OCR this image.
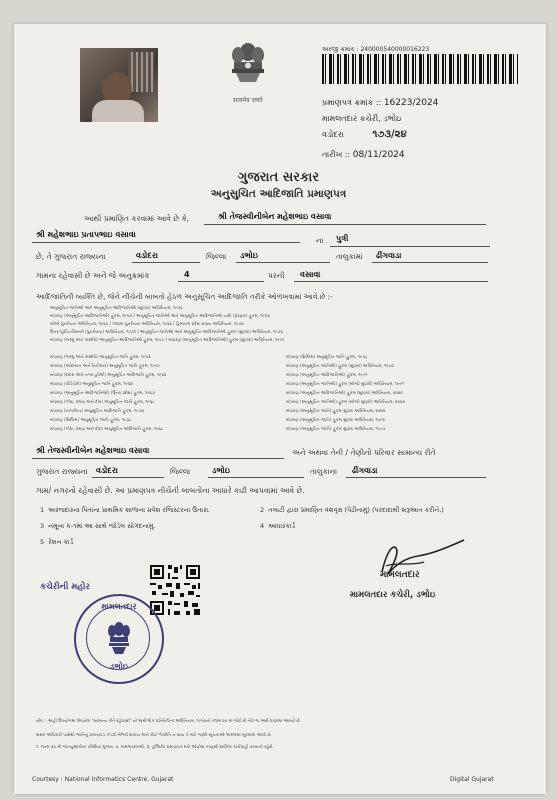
सत्यमेव जयते
અરજી ક્રમાંક : 240000540000016223
પ્રમાણપત્ર ક્રમાંક :: 16223/2024
મામલતદાર કચેરી, ડભોઇ
વડોદરા	૧૭૩/૨૪
તારીખ :: 08/11/2024
ગુજરાત સરકાર
અનુસુચિત આદિજાતિ પ્રમાણપત્ર
આથી પ્રમાણિત કરવામાં આવે છે કે,	શ્રી તેજસ્વીનીબેન મહેશભાઇ વસાવા
શ્રી મહેશભાઇ પ્રતાપભાઇ વસાવા
ના પુત્રી
છે, તે ગુજરાત રાજ્યના	વડોદરા	જિલ્લા ડભોઇ	તાલુકામાં ઢીંગવાડા
ગામના રહેવાસી છે અને જે અનુક્રમાંક	4	પરની વસાવા
આદિજાતિની વ્યક્તિ છે, જેને નીચેની બાબતો હેઠળ અનુસૂચિત આદિજાતિ તરીકે ઓળખવામાં આવે છે :-
અનુસૂચિત જાતિઓ અને અનુસૂચિત આદિજાતિઓ (સુધારા) અધિનિયમ, ૧૯૫૬
બંધારણ (અનુસૂચિત આદિજાતિઓ) હુકમ, ૧૯૫૦ / અનુસૂચિત જાતિઓ અને અનુસૂચિત આદિજાતિઓ યાદી (ફેરફાર) હુકમ, ૧૯૫૬
બોમ્બે પુનર્રચના અધિનિયમ, ૧૯૬૦ / પંજાબ પુનર્રચના અધિનિયમ, ૧૯૬૬ / હિમાચલ પ્રદેશ રાજ્ય અધિનિયમ, ૧૯૭૦
ઉત્તર-પૂર્વીય વિસ્તારો (પુનર્રચના) અધિનિયમ, ૧૯૭૧ / અનુસૂચિત જાતિઓ અને અનુસૂચિત આદિજાતિઓ હુકમ (સુધારા) અધિનિયમ, ૧૯૭૬
બંધારણ (જમ્મુ અને કાશ્મીર) અનુસૂચિત આદિજાતિઓ હુકમ, ૧૯૮૯ / બંધારણ (અનુસૂચિત આદિજાતિઓ) હુકમ (સુધારા) અધિનિયમ, ૧૯૯૧
બંધારણ (જમ્મુ અને કાશ્મીર) અનુસૂચિત જાતિ હુકમ, ૧૯૫૬
બંધારણ (આંદામાન અને નિકોબાર) અનુસૂચિત જાતિ હુકમ, ૧૯૫૯
બંધારણ (દાદરા અને નગર હવેલી) અનુસૂચિત આદિજાતિ હુકમ, ૧૯૬૨
બંધારણ (પોંડિચેરી) અનુસૂચિત જાતિ હુકમ, ૧૯૬૪
બંધારણ (અનુસૂચિત આદિજાતિઓ) (ઉત્તર પ્રદેશ) હુકમ, ૧૯૬૭
બંધારણ (ગોવા, દમણ અને દીવ) અનુસૂચિત જાતિ હુકમ, ૧૯૬૮
બંધારણ (નાગાલેન્ડ) અનુસૂચિત આદિજાતિ હુકમ, ૧૯૭૦
બંધારણ (સિક્કિમ) અનુસૂચિત જાતિ હુકમ, ૧૯૭૮
બંધારણ (ગોવા, દમણ અને દીવ) અનુસૂચિત આદિજાતિ હુકમ, ૧૯૬૮
બંધારણ (સિક્કિમ) અનુસૂચિત જાતિ હુકમ, ૧૯૭૮
બંધારણ (અનુસૂચિત જાતિઓ) હુકમ (સુધારા) અધિનિયમ, ૧૯૯૦
બંધારણ (અનુસૂચિત આદિજાતિઓ) હુકમ, ૧૯૯૧
બંધારણ (અનુસૂચિત જાતિઓ) હુકમ (બીજો સુધારો) અધિનિયમ, ૧૯૯૧
બંધારણ (અનુસૂચિત આદિજાતિઓ) હુકમ (સુધારા) અધિનિયમ, ૨૦૦૨
બંધારણ (અનુસૂચિત જાતિઓ) હુકમ (બીજો સુધારો) અધિનિયમ, ૨૦૦૨
બંધારણ (અનુસૂચિત જાતિ) હુકમ સુધારા અધિનિયમ, ૨૦૦૨
બંધારણ (અનુસૂચિત જાતિ) હુકમ સુધારા અધિનિયમ, ૧૯૯૨
બંધારણ (અનુસૂચિત જાતિ) હુકમ સુધારા અધિનિયમ, ૧૯૯૭
શ્રી તેજસ્વીનીબેન મહેશભાઇ વસાવા	અને અથવા તેની / તેણીનો પરિવાર સામાન્ય રીતે
ગુજરાત રાજ્યના વડોદરા	જિલ્લા	ડભોઇ	તાલુકાના ઢીંગવાડા
ગામ/ નગરનો રહેવાસી છે. આ પ્રમાણપત્ર નીચેની બાબતોના આધારે કાઢી આપવામાં આવે છે.
1 અરજદારના પિતાના પ્રાથમિક શાળાના પ્રવેશ રજિસ્ટરના ઉતારા.	2 તલાટી દ્વારા પ્રમાણિત વંશવૃક્ષ (પેઢીનામું) (પરદાદાથી શરૂઆત કરીને.)
3 નમૂના ક-૧માં આ સાથે જોડેલ સોગંદનામું.	4 આધારકાર્ડ
5 રેશન કાર્ડ
કચેરીની મહોર
મામલતદાર
ડભોઇ
મામલતદાર
મામલતદાર કચેરી, ડભોઇ
નોંધ :- અહીં ઉપયોગમાં લેવાયેલ "સામાન્ય રીતે રહેવાસી" નો અર્થ લોક પ્રતિનિધિત્વ અધિનિયમ, ૧૯૫૦ની કલમ ૨૦ માં જેવો છે તેવો જ અર્થ કરવામાં આવ્યો છે.
સક્ષમ અધિકારી પાસેથી જાતિનું પ્રમાણપત્ર ઝડપી મેળવી શકાય અને કોઈ ગેરરીતિ ન થાય તે માટે જરૂરી સૂચનાઓ અમલમાં મૂકવામાં આવી છે.
૧. જન્મ ૨૬ મી જાન્યુઆરીના પરિશિષ્ટ મુજબ. ૨. મામલતદારશ્રી, ૩. ડુપ્લિકેટ પ્રમાણપત્ર માટે ઓફીસ તરફથી દર્શાવેલ કાર્યવાહી કરવાની રહેશે.
Courtesy : National Informatics Centre, Gujarat	Digital Gujarat
